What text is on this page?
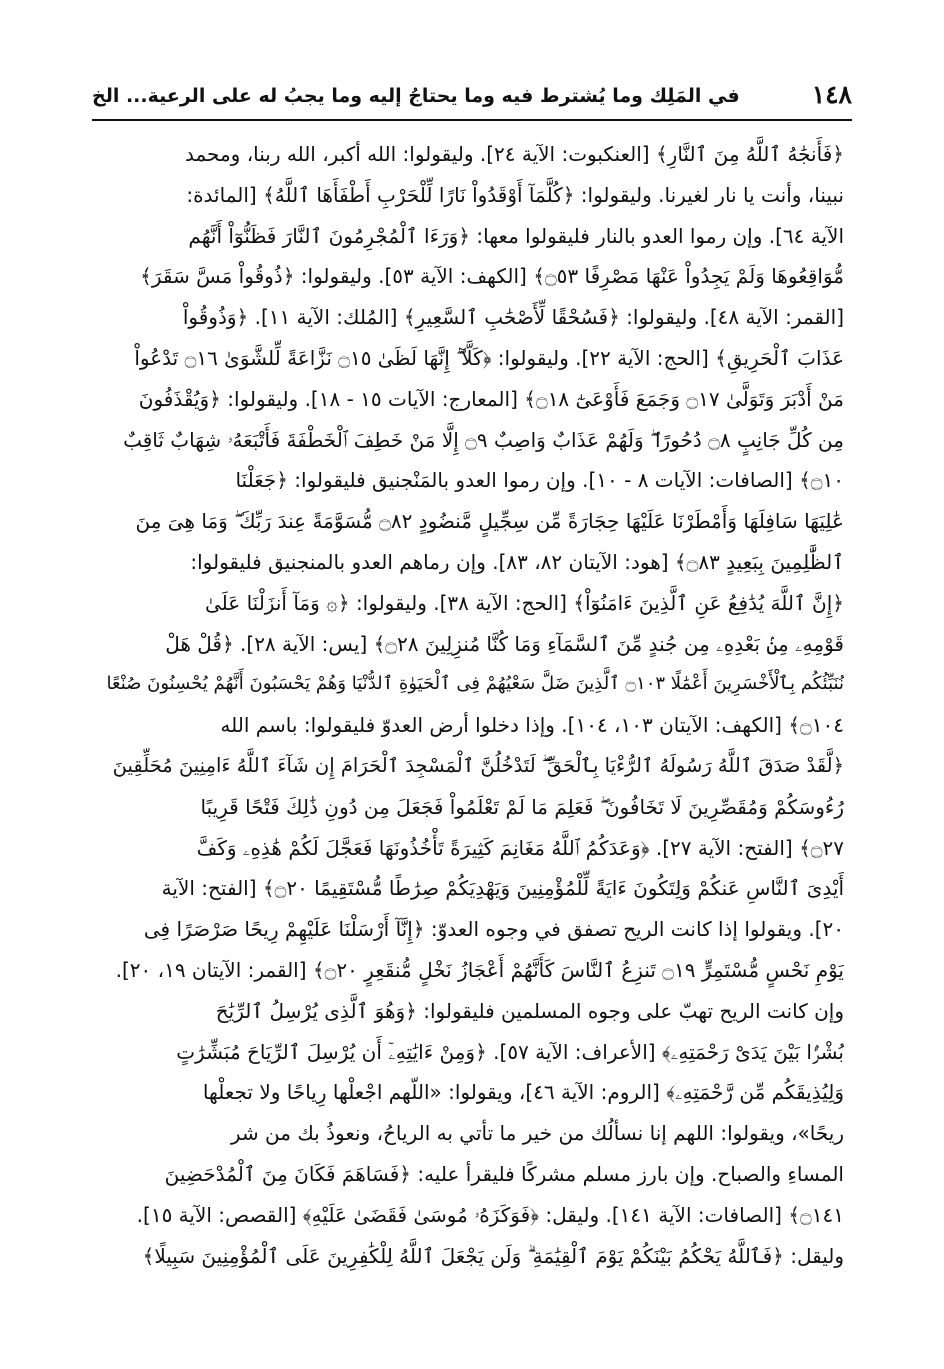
١٤٨
في المَلِك وما يُشترط فيه وما يحتاجُ إليه وما يجبُ له على الرعية... الخ
﴿فَأَنجَٰهُ ٱللَّهُ مِنَ ٱلنَّارِ﴾ [العنكبوت: الآية ٢٤]. وليقولوا: الله أكبر، الله ربنا، ومحمد
نبينا، وأنت يا نار لغيرنا. وليقولوا: ﴿كُلَّمَآ أَوْقَدُواْ نَارًا لِّلْحَرْبِ أَطْفَأَهَا ٱللَّهُ﴾ [المائدة:
الآية ٦٤]. وإن رموا العدو بالنار فليقولوا معها: ﴿وَرَءَا ٱلْمُجْرِمُونَ ٱلنَّارَ فَظَنُّوٓاْ أَنَّهُم
مُّوَاقِعُوهَا وَلَمْ يَجِدُواْ عَنْهَا مَصْرِفًا ۝٥٣﴾ [الكهف: الآية ٥٣]. وليقولوا: ﴿ذُوقُواْ مَسَّ سَقَرَ﴾
[القمر: الآية ٤٨]. وليقولوا: ﴿فَسُحْقًا لِّأَصْحَٰبِ ٱلسَّعِيرِ﴾ [المُلك: الآية ١١]. ﴿وَذُوقُواْ
عَذَابَ ٱلْحَرِيقِ﴾ [الحج: الآية ٢٢]. وليقولوا: ﴿كَلَّآ ۖ إِنَّهَا لَظَىٰ ۝١٥ نَزَّاعَةً لِّلشَّوَىٰ ۝١٦ تَدْعُواْ
مَنْ أَدْبَرَ وَتَوَلَّىٰ ۝١٧ وَجَمَعَ فَأَوْعَىٰٓ ۝١٨﴾ [المعارج: الآيات ١٥ - ١٨]. وليقولوا: ﴿وَيُقْذَفُونَ
مِن كُلِّ جَانِبٍ ۝٨ دُحُورًا ۖ وَلَهُمْ عَذَابٌ وَاصِبٌ ۝٩ إِلَّا مَنْ خَطِفَ ٱلْخَطْفَةَ فَأَتْبَعَهُۥ شِهَابٌ ثَاقِبٌ
۝١٠﴾ [الصافات: الآيات ٨ - ١٠]. وإن رموا العدو بالمَنْجنيق فليقولوا: ﴿جَعَلْنَا
عَٰلِيَهَا سَافِلَهَا وَأَمْطَرْنَا عَلَيْهَا حِجَارَةً مِّن سِجِّيلٍ مَّنضُودٍ ۝٨٢ مُّسَوَّمَةً عِندَ رَبِّكَ ۖ وَمَا هِىَ مِنَ
ٱلظَّٰلِمِينَ بِبَعِيدٍ ۝٨٣﴾ [هود: الآيتان ٨٢، ٨٣]. وإن رماهم العدو بالمنجنيق فليقولوا:
﴿إِنَّ ٱللَّهَ يُدَٰفِعُ عَنِ ٱلَّذِينَ ءَامَنُوٓاْ﴾ [الحج: الآية ٣٨]. وليقولوا: ﴿۞ وَمَآ أَنزَلْنَا عَلَىٰ
قَوْمِهِۦ مِنۢ بَعْدِهِۦ مِن جُندٍ مِّنَ ٱلسَّمَآءِ وَمَا كُنَّا مُنزِلِينَ ۝٢٨﴾ [يس: الآية ٢٨]. ﴿قُلْ هَلْ
نُنَبِّئُكُم بِٱلْأَخْسَرِينَ أَعْمَٰلًا ۝١٠٣ ٱلَّذِينَ ضَلَّ سَعْيُهُمْ فِى ٱلْحَيَوٰةِ ٱلدُّنْيَا وَهُمْ يَحْسَبُونَ أَنَّهُمْ يُحْسِنُونَ صُنْعًا
۝١٠٤﴾ [الكهف: الآيتان ١٠٣، ١٠٤]. وإذا دخلوا أرض العدوّ فليقولوا: باسم الله
﴿لَّقَدْ صَدَقَ ٱللَّهُ رَسُولَهُ ٱلرُّءْيَا بِٱلْحَقِّ ۖ لَتَدْخُلُنَّ ٱلْمَسْجِدَ ٱلْحَرَامَ إِن شَآءَ ٱللَّهُ ءَامِنِينَ مُحَلِّقِينَ
رُءُوسَكُمْ وَمُقَصِّرِينَ لَا تَخَافُونَ ۖ فَعَلِمَ مَا لَمْ تَعْلَمُواْ فَجَعَلَ مِن دُونِ ذَٰلِكَ فَتْحًا قَرِيبًا
۝٢٧﴾ [الفتح: الآية ٢٧]. ﴿وَعَدَكُمُ ٱللَّهُ مَغَانِمَ كَثِيرَةً تَأْخُذُونَهَا فَعَجَّلَ لَكُمْ هَٰذِهِۦ وَكَفَّ
أَيْدِىَ ٱلنَّاسِ عَنكُمْ وَلِتَكُونَ ءَايَةً لِّلْمُؤْمِنِينَ وَيَهْدِيَكُمْ صِرَٰطًا مُّسْتَقِيمًا ۝٢٠﴾ [الفتح: الآية
٢٠]. ويقولوا إذا كانت الريح تصفق في وجوه العدوّ: ﴿إِنَّآ أَرْسَلْنَا عَلَيْهِمْ رِيحًا صَرْصَرًا فِى
يَوْمِ نَحْسٍ مُّسْتَمِرٍّ ۝١٩ تَنزِعُ ٱلنَّاسَ كَأَنَّهُمْ أَعْجَازُ نَخْلٍ مُّنقَعِرٍ ۝٢٠﴾ [القمر: الآيتان ١٩، ٢٠].
وإن كانت الريح تهبّ على وجوه المسلمين فليقولوا: ﴿وَهُوَ ٱلَّذِى يُرْسِلُ ٱلرِّيَٰحَ
بُشْرًۢا بَيْنَ يَدَىْ رَحْمَتِهِۦ﴾ [الأعراف: الآية ٥٧]. ﴿وَمِنْ ءَايَٰتِهِۦٓ أَن يُرْسِلَ ٱلرِّيَاحَ مُبَشِّرَٰتٍ
وَلِيُذِيقَكُم مِّن رَّحْمَتِهِۦ﴾ [الروم: الآية ٤٦]، ويقولوا: «اللّهم اجْعلْها رِياحًا ولا تجعلْها
ريحًا»، ويقولوا: اللهم إنا نسألُك من خير ما تأتي به الرياحُ، ونعوذُ بك من شر
المساءِ والصباح. وإن بارز مسلم مشركًا فليقرأ عليه: ﴿فَسَاهَمَ فَكَانَ مِنَ ٱلْمُدْحَضِينَ
۝١٤١﴾ [الصافات: الآية ١٤١]. وليقل: ﴿فَوَكَزَهُۥ مُوسَىٰ فَقَضَىٰ عَلَيْهِ﴾ [القصص: الآية ١٥].
وليقل: ﴿فَٱللَّهُ يَحْكُمُ بَيْنَكُمْ يَوْمَ ٱلْقِيَٰمَةِ ۗ وَلَن يَجْعَلَ ٱللَّهُ لِلْكَٰفِرِينَ عَلَى ٱلْمُؤْمِنِينَ سَبِيلًا﴾
